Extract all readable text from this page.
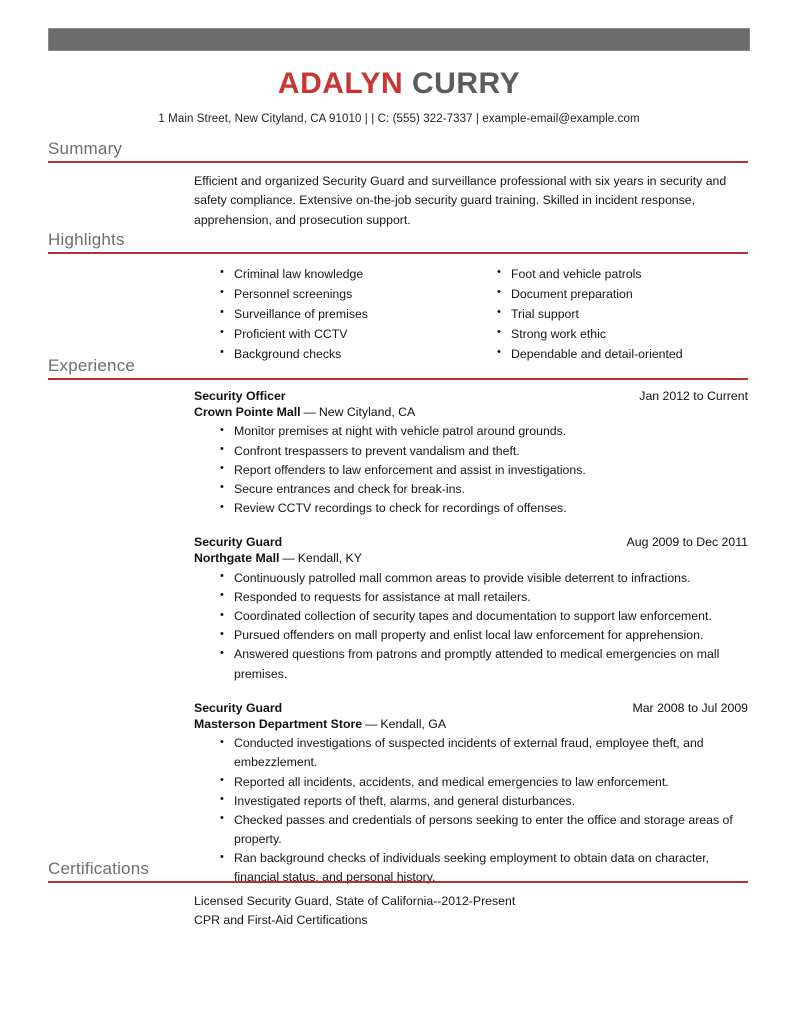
ADALYN CURRY
1 Main Street, New Cityland, CA 91010 | | C: (555) 322-7337 | example-email@example.com
Summary
Efficient and organized Security Guard and surveillance professional with six years in security and safety compliance. Extensive on-the-job security guard training. Skilled in incident response, apprehension, and prosecution support.
Highlights
• Criminal law knowledge
• Personnel screenings
• Surveillance of premises
• Proficient with CCTV
• Background checks
• Foot and vehicle patrols
• Document preparation
• Trial support
• Strong work ethic
• Dependable and detail-oriented
Experience
Security Officer	Jan 2012 to Current
Crown Pointe Mall — New Cityland, CA
• Monitor premises at night with vehicle patrol around grounds.
• Confront trespassers to prevent vandalism and theft.
• Report offenders to law enforcement and assist in investigations.
• Secure entrances and check for break-ins.
• Review CCTV recordings to check for recordings of offenses.
Security Guard	Aug 2009 to Dec 2011
Northgate Mall — Kendall, KY
• Continuously patrolled mall common areas to provide visible deterrent to infractions.
• Responded to requests for assistance at mall retailers.
• Coordinated collection of security tapes and documentation to support law enforcement.
• Pursued offenders on mall property and enlist local law enforcement for apprehension.
• Answered questions from patrons and promptly attended to medical emergencies on mall premises.
Security Guard	Mar 2008 to Jul 2009
Masterson Department Store — Kendall, GA
• Conducted investigations of suspected incidents of external fraud, employee theft, and embezzlement.
• Reported all incidents, accidents, and medical emergencies to law enforcement.
• Investigated reports of theft, alarms, and general disturbances.
• Checked passes and credentials of persons seeking to enter the office and storage areas of property.
• Ran background checks of individuals seeking employment to obtain data on character, financial status, and personal history.
Certifications
Licensed Security Guard, State of California--2012-Present
CPR and First-Aid Certifications
